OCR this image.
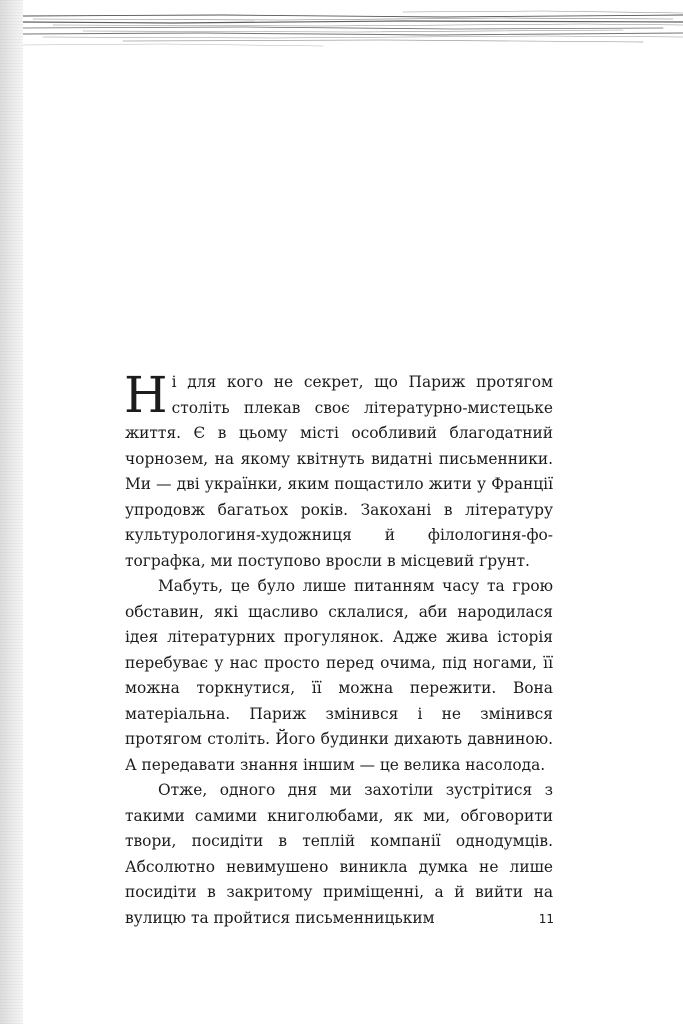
Ні для кого не секрет, що Париж протягом століть плекав своє літературно-мистецьке життя. Є в цьому місті особливий благодатний чорнозем, на якому квітнуть видатні письменники. Ми — дві українки, яким пощастило жити у Франції упродовж багатьох років. Закохані в літературу культурологиня-художниця й філологиня-фотографка, ми поступово вросли в місцевий ґрунт.

Мабуть, це було лише питанням часу та грою обставин, які щасливо склалися, аби народилася ідея літературних прогулянок. Адже жива історія перебуває у нас просто перед очима, під ногами, її можна торкнутися, її можна пережити. Вона матеріальна. Париж змінився і не змінився протягом століть. Його будинки дихають давниною. А передавати знання іншим — це велика насолода.

Отже, одного дня ми захотіли зустрітися з такими самими книголюбами, як ми, обговорити твори, посидіти в теплій компанії однодумців. Абсолютно невимушено виникла думка не лише посидіти в закритому приміщенні, а й вийти на вулицю та пройтися письменницьким	11
